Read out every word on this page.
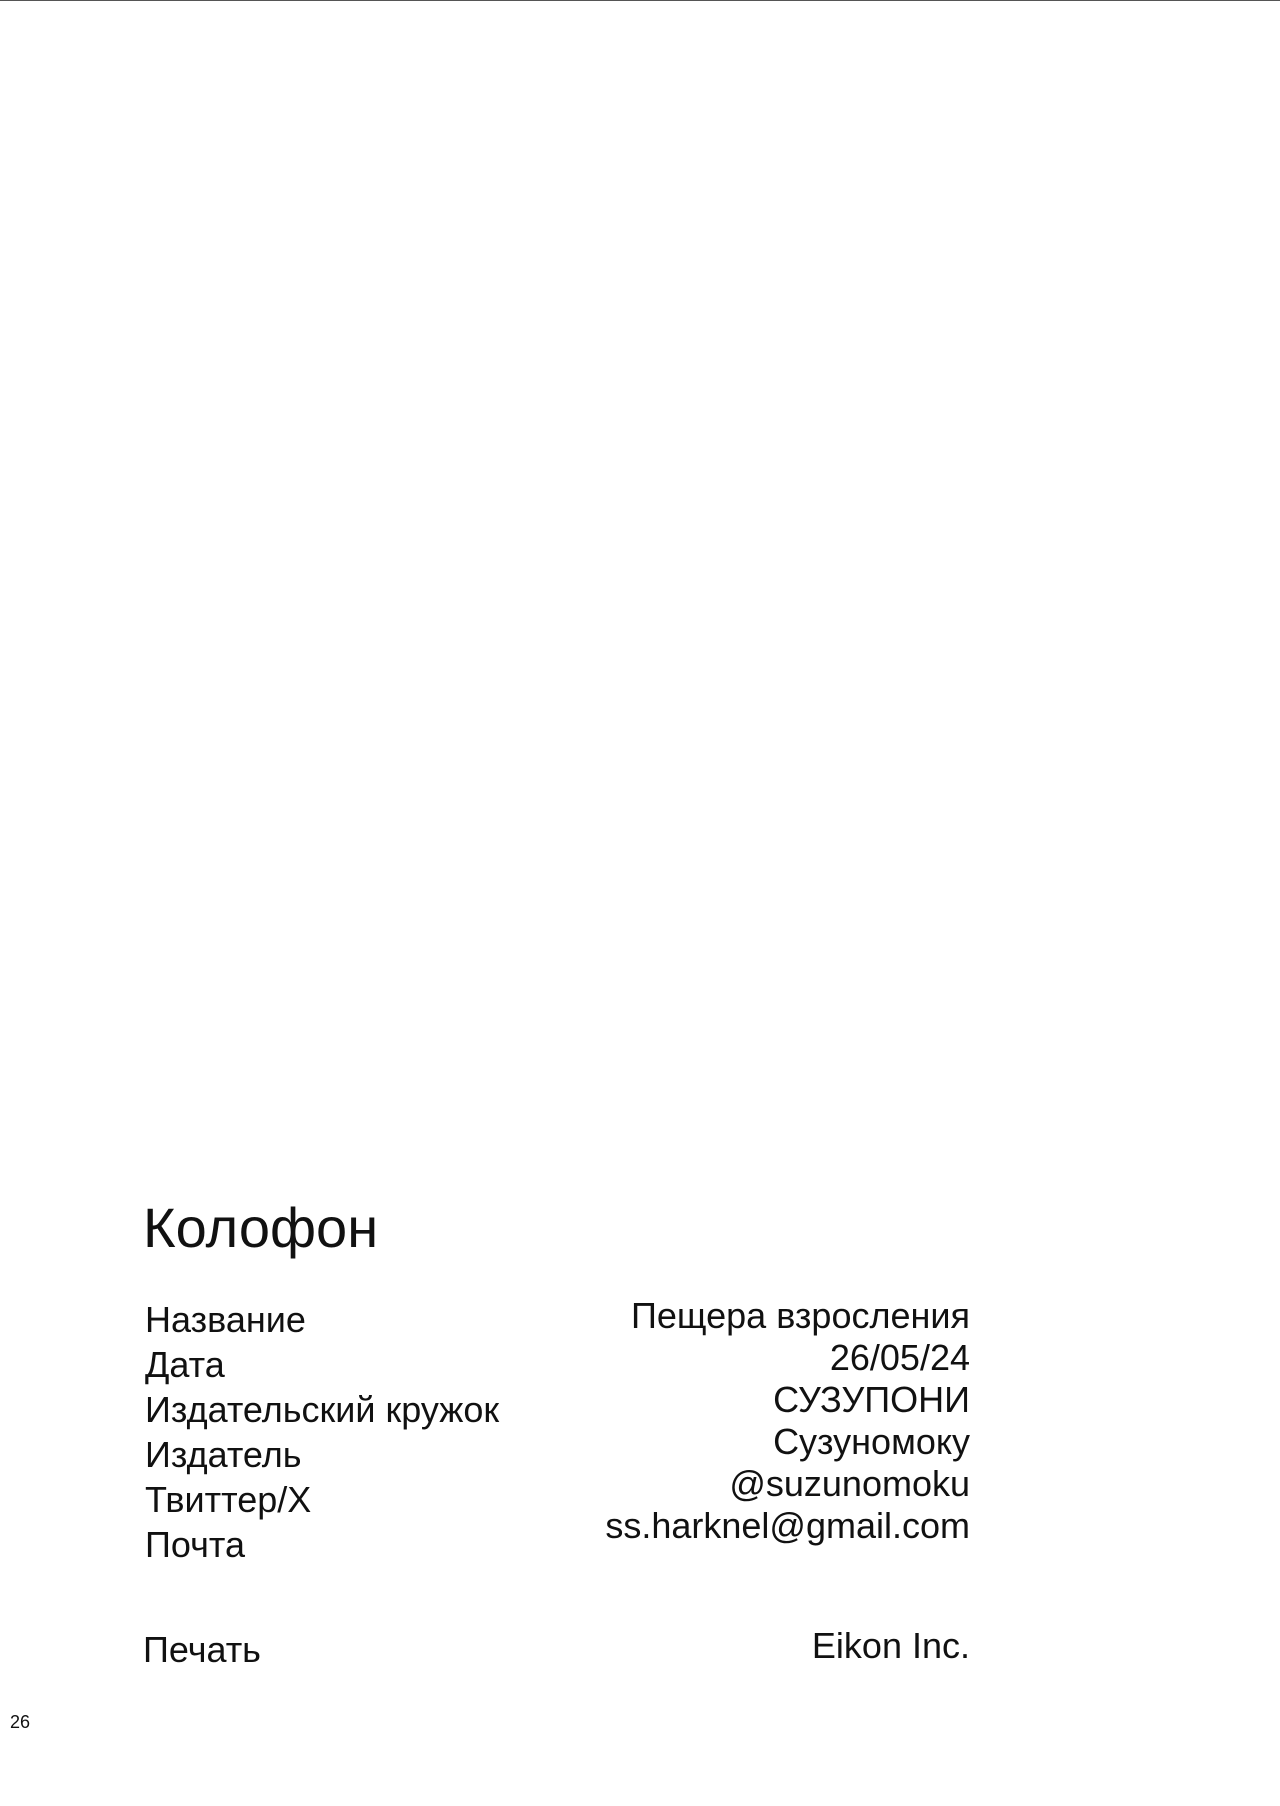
Колофон
Название
Дата
Издательский кружок
Издатель
Твиттер/Х
Почта
Пещера взросления
26/05/24
СУЗУПОНИ
Сузуномоку
@suzunomoku
ss.harknel@gmail.com
Печать	Eikon Inc.
26
